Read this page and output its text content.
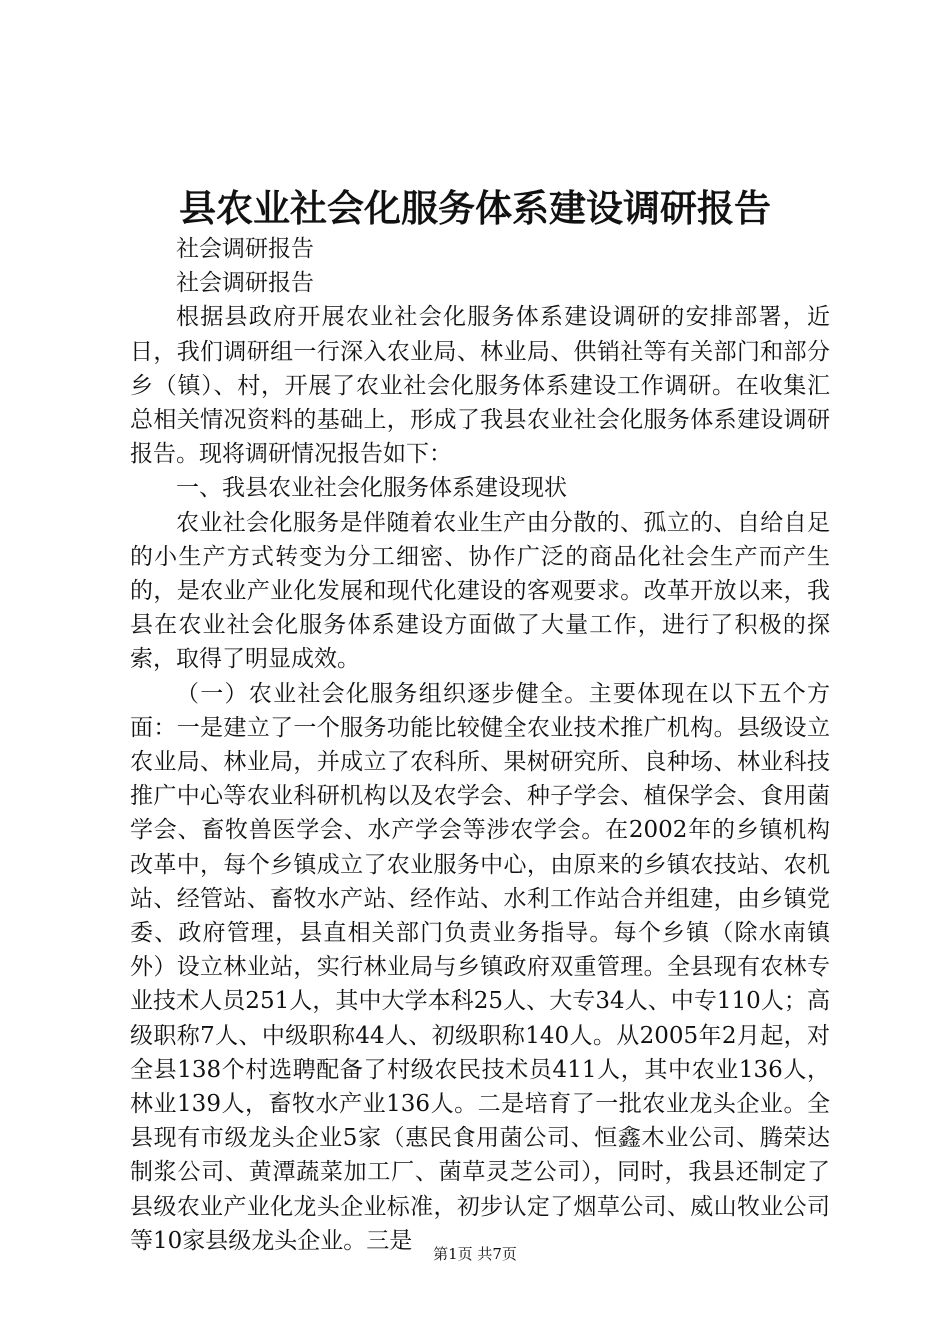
县农业社会化服务体系建设调研报告

社会调研报告

社会调研报告

根据县政府开展农业社会化服务体系建设调研的安排部署，近日，我们调研组一行深入农业局、林业局、供销社等有关部门和部分乡（镇）、村，开展了农业社会化服务体系建设工作调研。在收集汇总相关情况资料的基础上，形成了我县农业社会化服务体系建设调研报告。现将调研情况报告如下：

一、我县农业社会化服务体系建设现状

农业社会化服务是伴随着农业生产由分散的、孤立的、自给自足的小生产方式转变为分工细密、协作广泛的商品化社会生产而产生的，是农业产业化发展和现代化建设的客观要求。改革开放以来，我县在农业社会化服务体系建设方面做了大量工作，进行了积极的探索，取得了明显成效。

（一）农业社会化服务组织逐步健全。主要体现在以下五个方面：一是建立了一个服务功能比较健全农业技术推广机构。县级设立农业局、林业局，并成立了农科所、果树研究所、良种场、林业科技推广中心等农业科研机构以及农学会、种子学会、植保学会、食用菌学会、畜牧兽医学会、水产学会等涉农学会。在2002年的乡镇机构改革中，每个乡镇成立了农业服务中心，由原来的乡镇农技站、农机站、经管站、畜牧水产站、经作站、水利工作站合并组建，由乡镇党委、政府管理，县直相关部门负责业务指导。每个乡镇（除水南镇外）设立林业站，实行林业局与乡镇政府双重管理。全县现有农林专业技术人员251人，其中大学本科25人、大专34人、中专110人；高级职称7人、中级职称44人、初级职称140人。从2005年2月起，对全县138个村选聘配备了村级农民技术员411人，其中农业136人，林业139人，畜牧水产业136人。二是培育了一批农业龙头企业。全县现有市级龙头企业5家（惠民食用菌公司、恒鑫木业公司、腾荣达制浆公司、黄潭蔬菜加工厂、菌草灵芝公司），同时，我县还制定了县级农业产业化龙头企业标准，初步认定了烟草公司、威山牧业公司等10家县级龙头企业。三是

第1页 共7页
